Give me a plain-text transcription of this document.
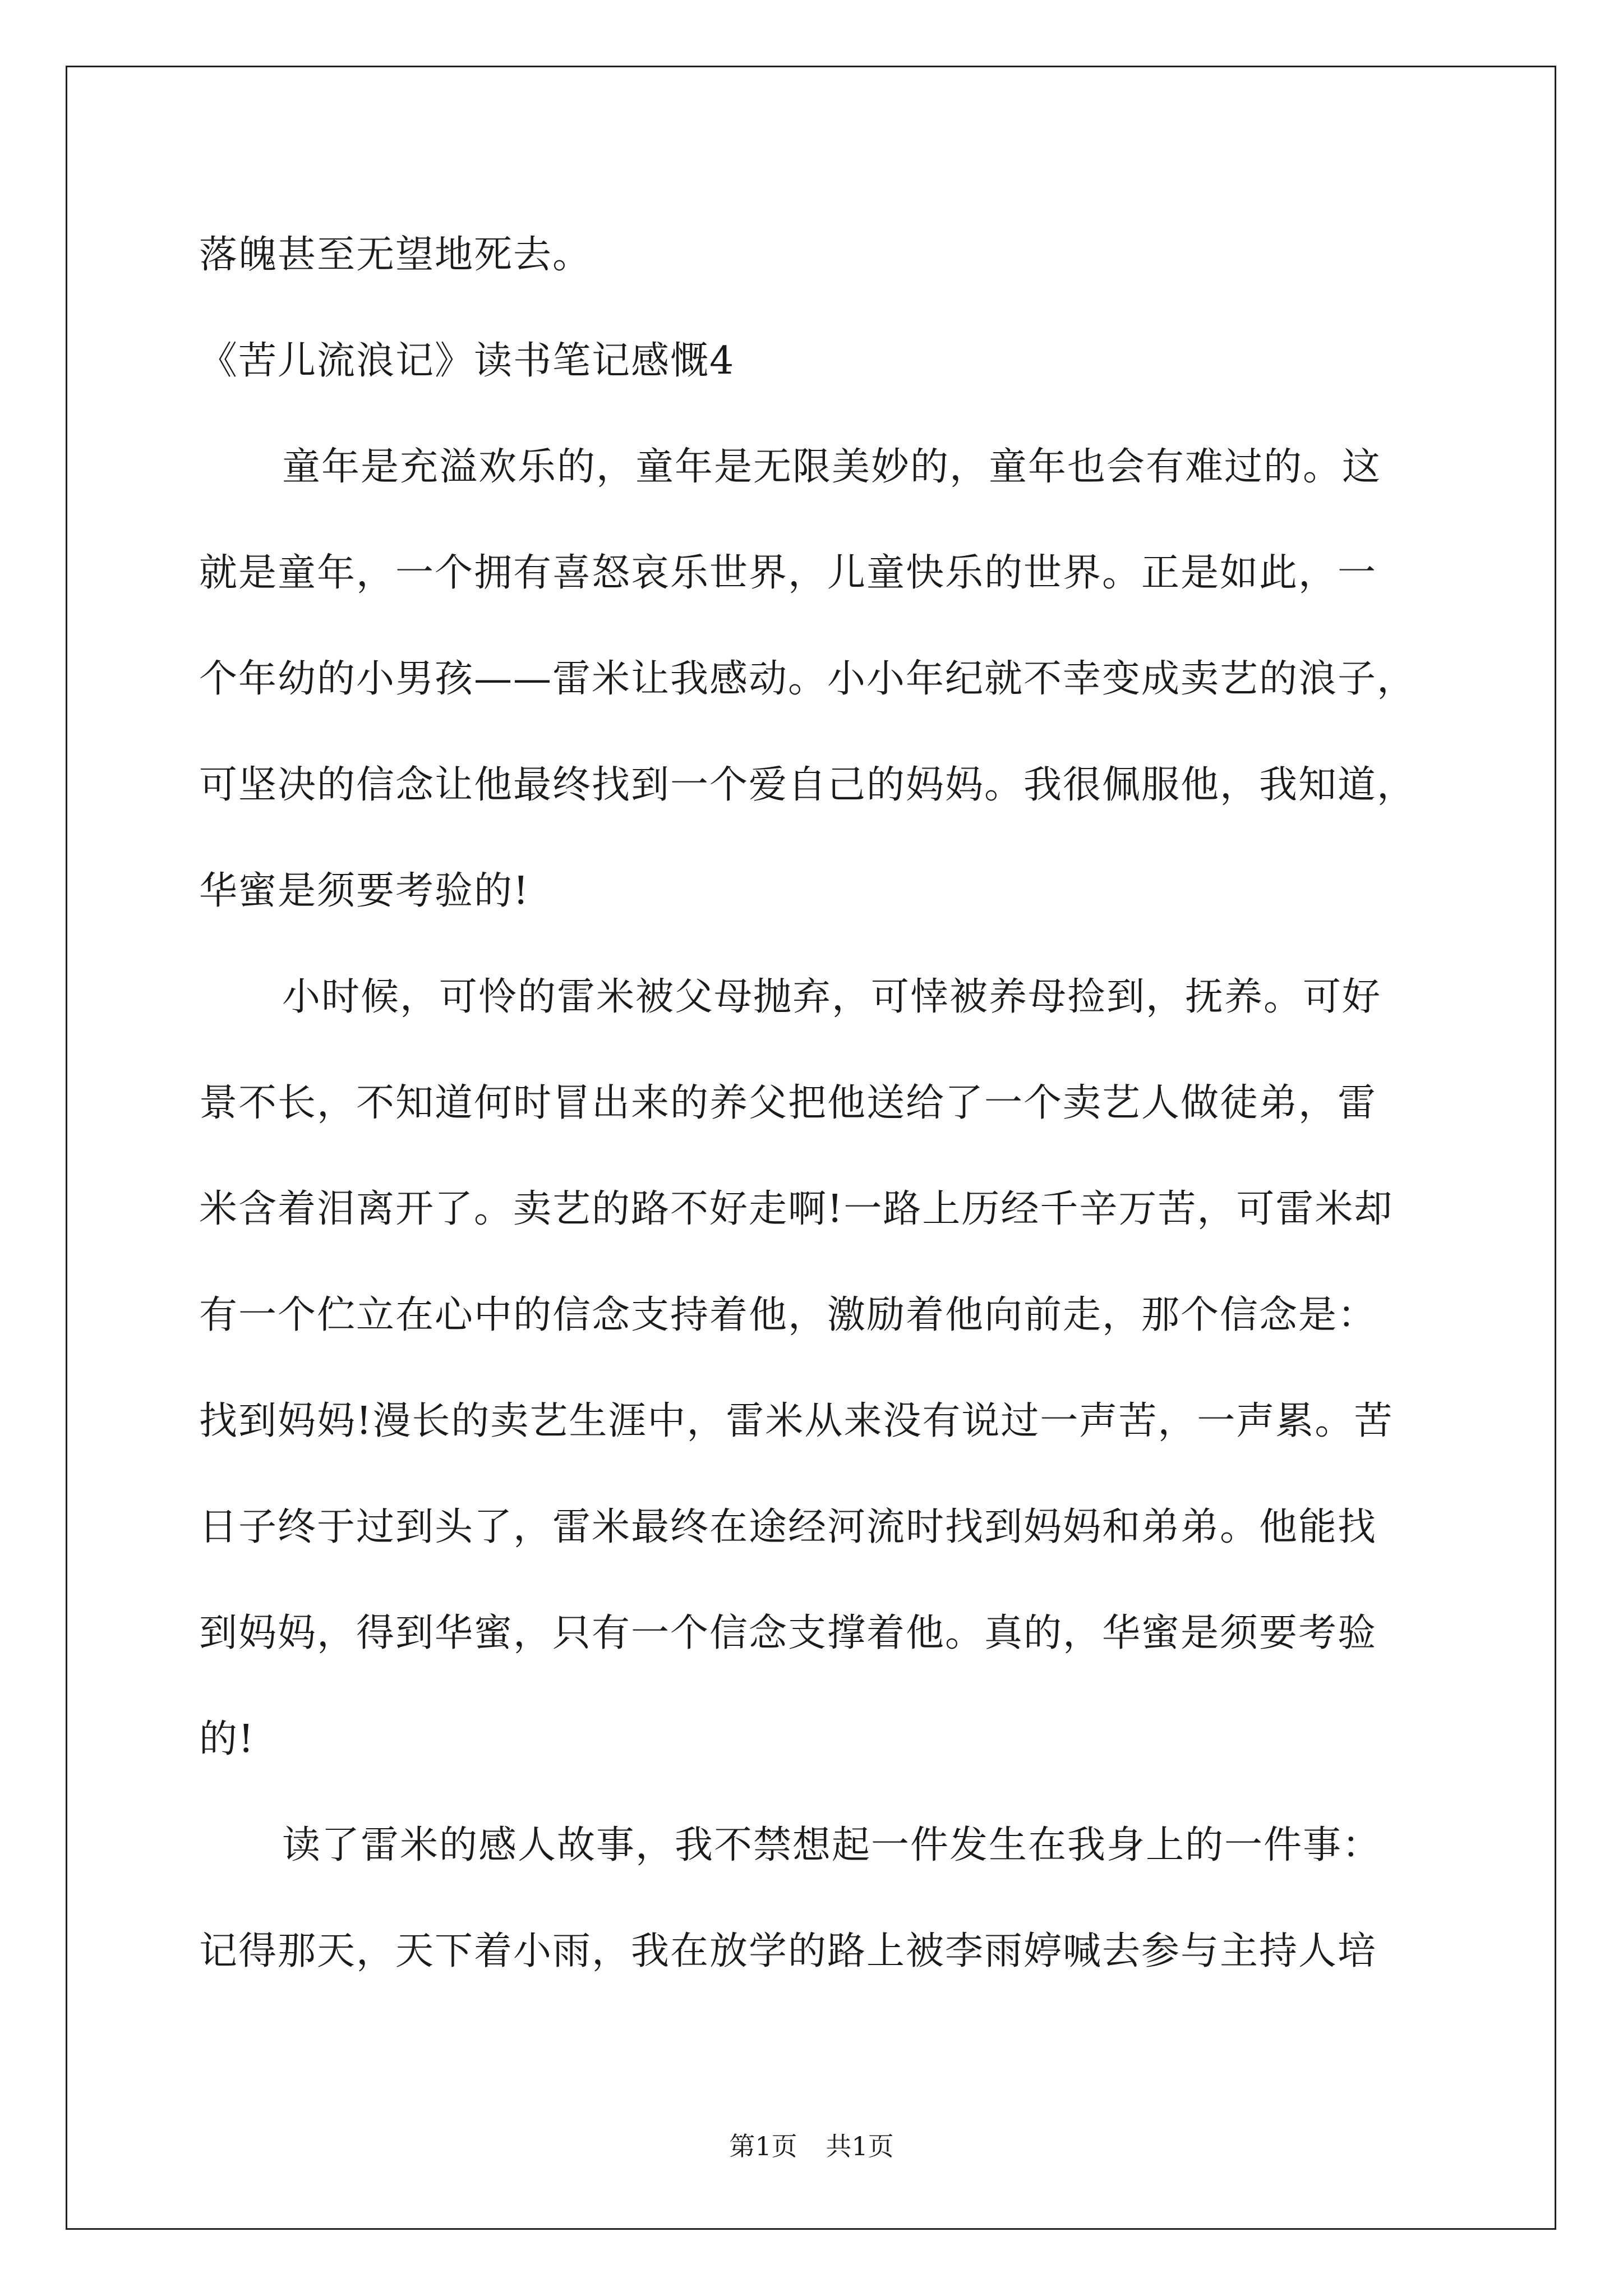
落魄甚至无望地死去。
《苦儿流浪记》读书笔记感慨4
童年是充溢欢乐的，童年是无限美妙的，童年也会有难过的。这
就是童年，一个拥有喜怒哀乐世界，儿童快乐的世界。正是如此，一
个年幼的小男孩——雷米让我感动。小小年纪就不幸变成卖艺的浪子，
可坚决的信念让他最终找到一个爱自己的妈妈。我很佩服他，我知道，
华蜜是须要考验的!
小时候，可怜的雷米被父母抛弃，可悻被养母捡到，抚养。可好
景不长，不知道何时冒出来的养父把他送给了一个卖艺人做徒弟，雷
米含着泪离开了。卖艺的路不好走啊!一路上历经千辛万苦，可雷米却
有一个伫立在心中的信念支持着他，激励着他向前走，那个信念是：
找到妈妈!漫长的卖艺生涯中，雷米从来没有说过一声苦，一声累。苦
日子终于过到头了，雷米最终在途经河流时找到妈妈和弟弟。他能找
到妈妈，得到华蜜，只有一个信念支撑着他。真的，华蜜是须要考验
的!
读了雷米的感人故事，我不禁想起一件发生在我身上的一件事：
记得那天，天下着小雨，我在放学的路上被李雨婷喊去参与主持人培
第1页 共1页
